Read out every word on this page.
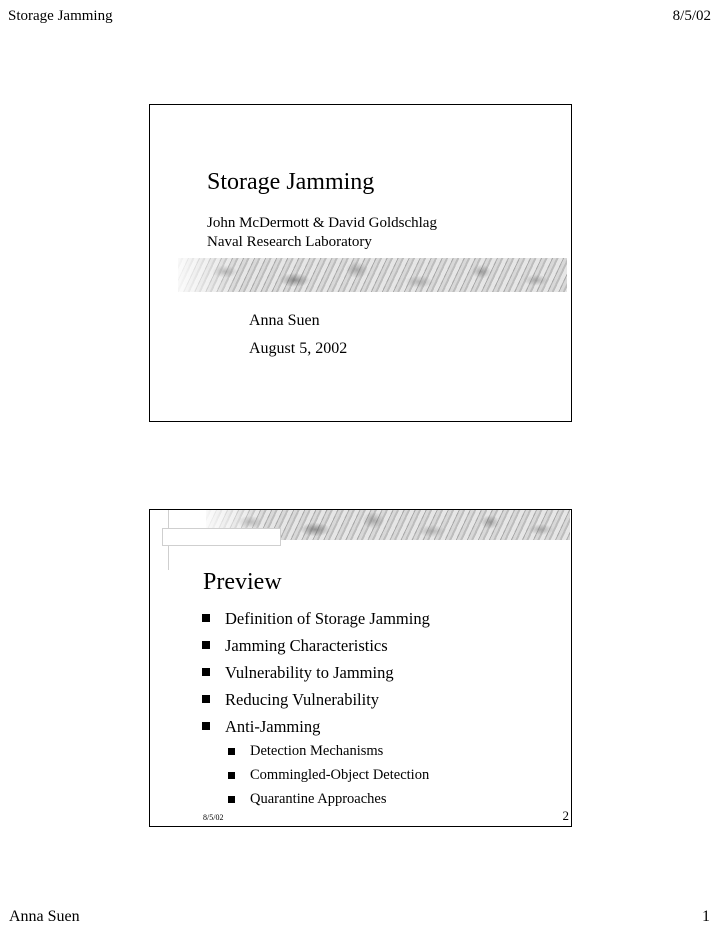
Storage Jamming	8/5/02
Storage Jamming
John McDermott & David Goldschlag
Naval Research Laboratory
Anna Suen
August 5, 2002
Preview
Definition of Storage Jamming
Jamming Characteristics
Vulnerability to Jamming
Reducing Vulnerability
Anti-Jamming
Detection Mechanisms
Commingled-Object Detection
Quarantine Approaches
8/5/02	2
Anna Suen	1
